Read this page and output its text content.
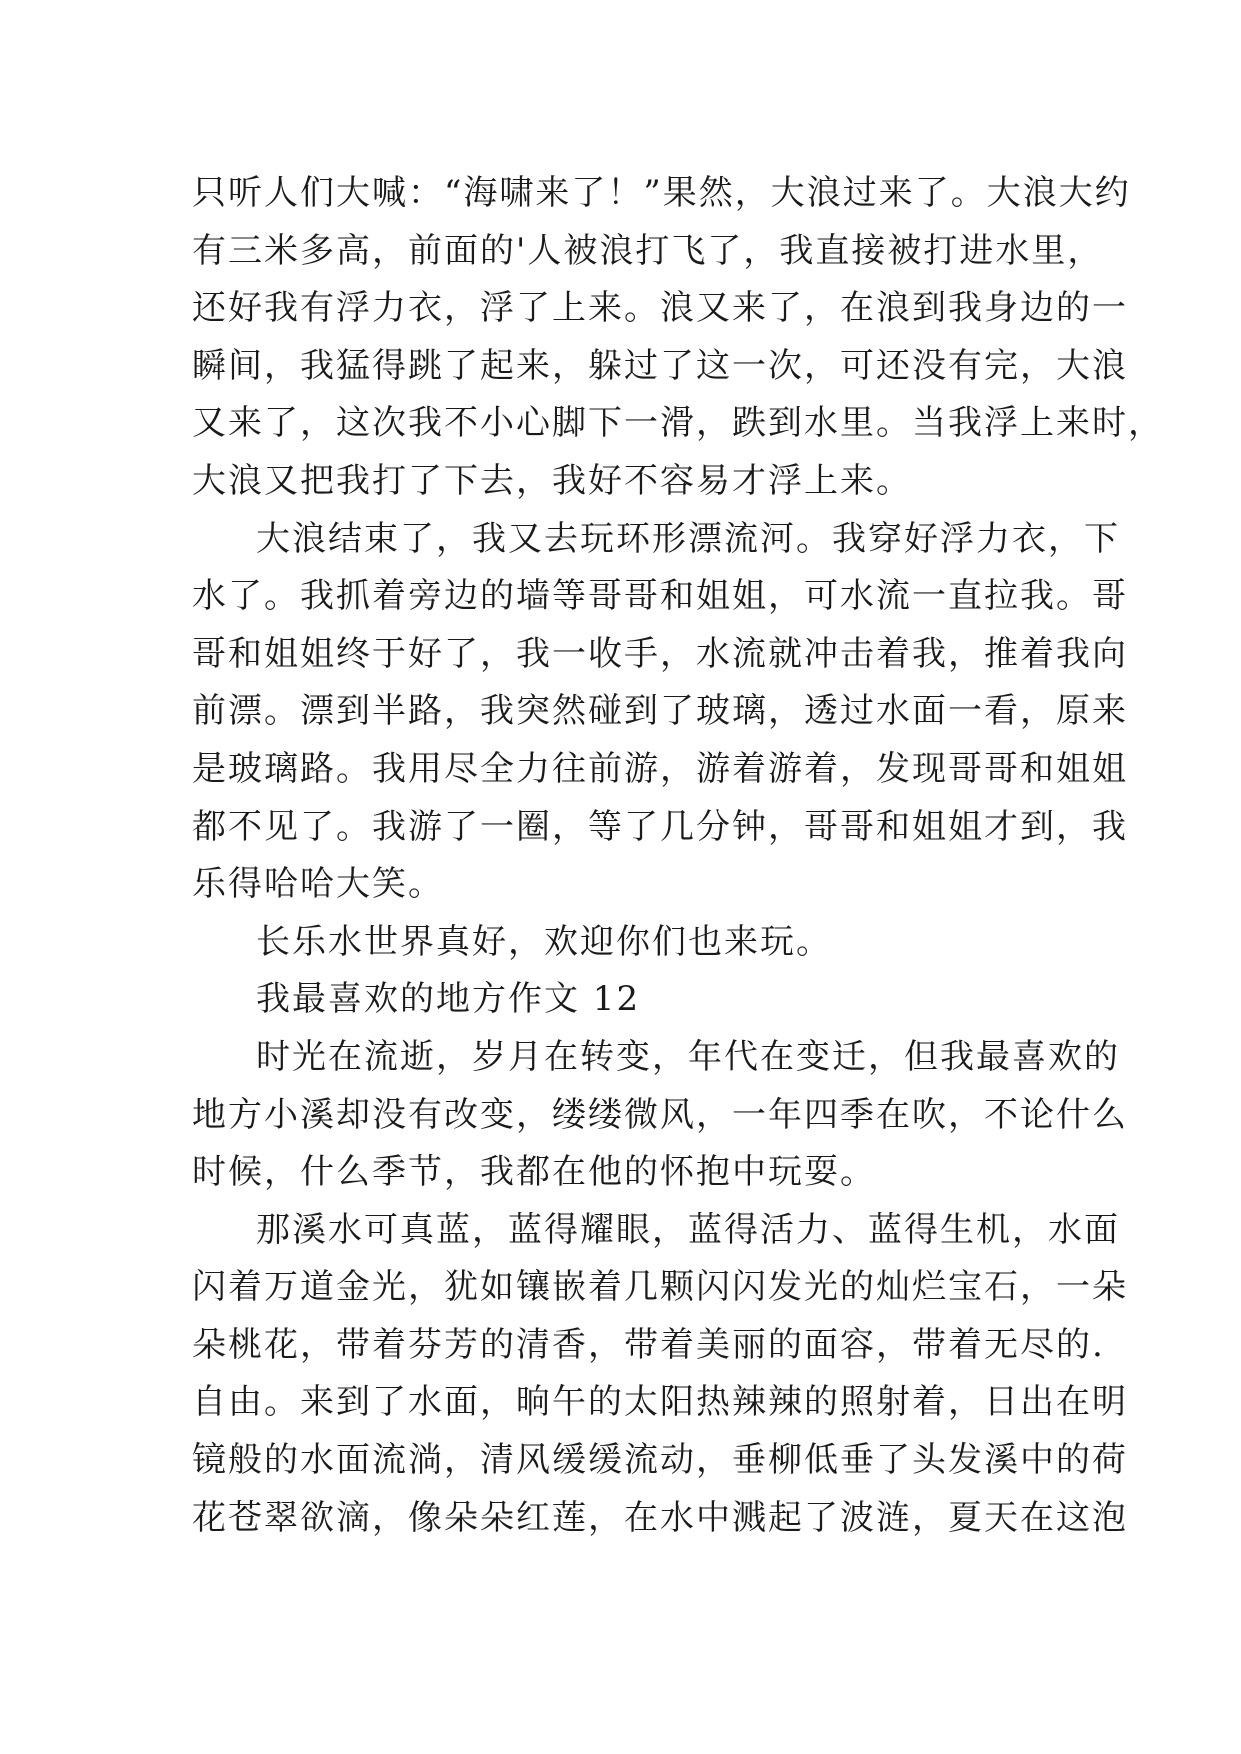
只听人们大喊：“海啸来了！”果然，大浪过来了。大浪大约
有三米多高，前面的'人被浪打飞了，我直接被打进水里，
还好我有浮力衣，浮了上来。浪又来了，在浪到我身边的一
瞬间，我猛得跳了起来，躲过了这一次，可还没有完，大浪
又来了，这次我不小心脚下一滑，跌到水里。当我浮上来时，
大浪又把我打了下去，我好不容易才浮上来。
大浪结束了，我又去玩环形漂流河。我穿好浮力衣，下
水了。我抓着旁边的墙等哥哥和姐姐，可水流一直拉我。哥
哥和姐姐终于好了，我一收手，水流就冲击着我，推着我向
前漂。漂到半路，我突然碰到了玻璃，透过水面一看，原来
是玻璃路。我用尽全力往前游，游着游着，发现哥哥和姐姐
都不见了。我游了一圈，等了几分钟，哥哥和姐姐才到，我
乐得哈哈大笑。
长乐水世界真好，欢迎你们也来玩。
我最喜欢的地方作文 12
时光在流逝，岁月在转变，年代在变迁，但我最喜欢的
地方小溪却没有改变，缕缕微风，一年四季在吹，不论什么
时候，什么季节，我都在他的怀抱中玩耍。
那溪水可真蓝，蓝得耀眼，蓝得活力、蓝得生机，水面
闪着万道金光，犹如镶嵌着几颗闪闪发光的灿烂宝石，一朵
朵桃花，带着芬芳的清香，带着美丽的面容，带着无尽的.
自由。来到了水面，晌午的太阳热辣辣的照射着，日出在明
镜般的水面流淌，清风缓缓流动，垂柳低垂了头发溪中的荷
花苍翠欲滴，像朵朵红莲，在水中溅起了波涟，夏天在这泡
